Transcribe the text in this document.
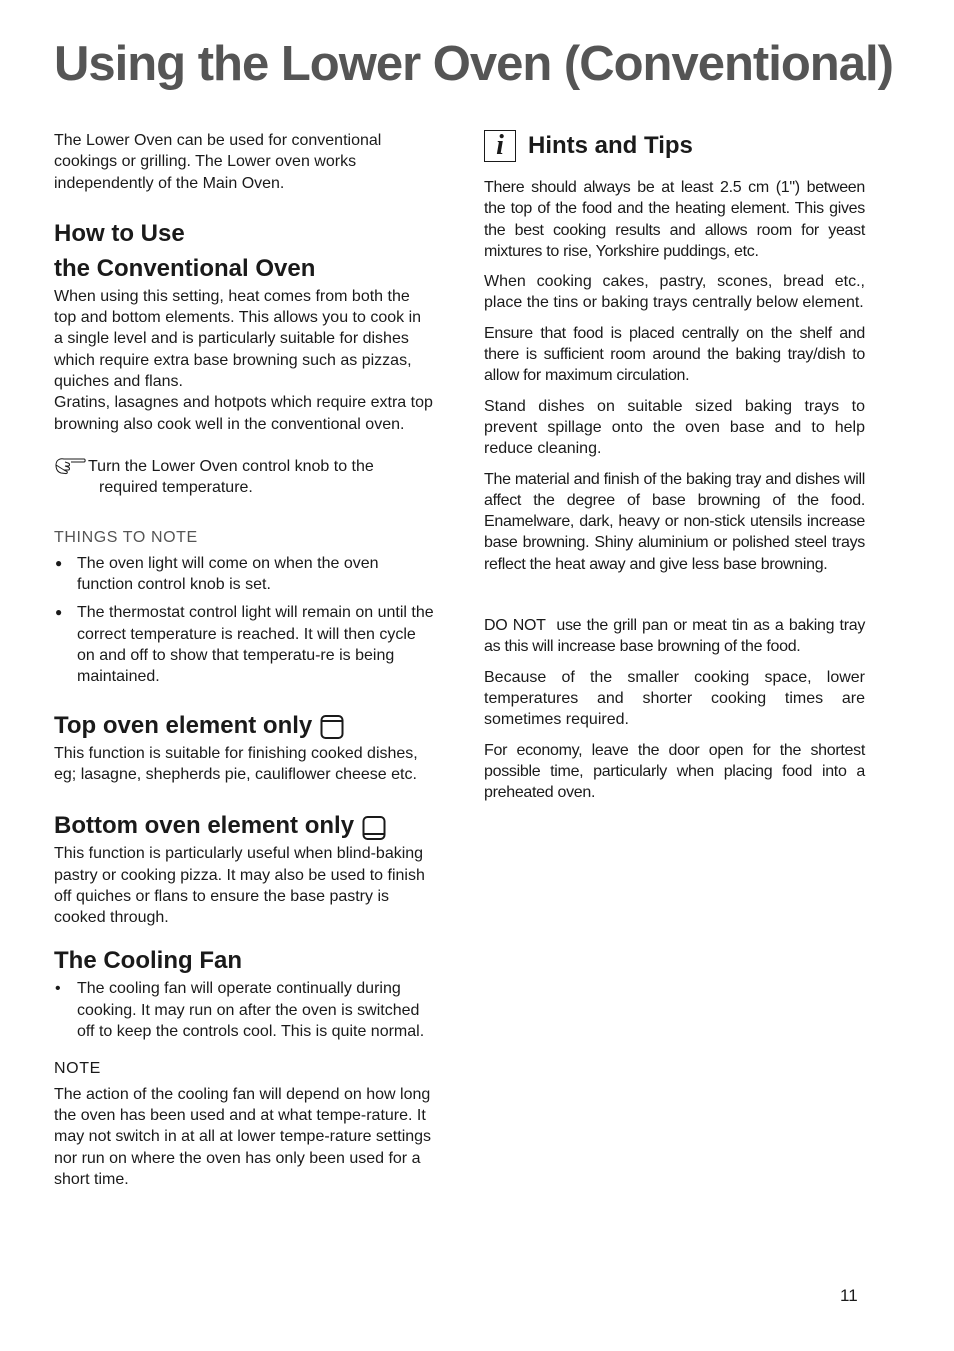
Using the Lower Oven (Conventional)

The Lower Oven can be used for conventional cookings or grilling. The Lower oven works independently of the Main Oven.

How to Use
the Conventional Oven

When using this setting, heat comes from both the top and bottom elements. This allows you to cook in a single level and is particularly suitable for dishes which require extra base browning such as pizzas, quiches and flans.

Gratins, lasagnes and hotpots which require extra top browning also cook well in the conventional oven.

Turn the Lower Oven control knob to the
required temperature.

THINGS TO NOTE

● The oven light will come on when the oven function control knob is set.
● The thermostat control light will remain on until the correct temperature is reached. It will then cycle on and off to show that temperatu-re is being maintained.
Top oven element only

This function is suitable for finishing cooked dishes, eg; lasagne, shepherds pie, cauliflower cheese etc.

Bottom oven element only

This function is particularly useful when blind-baking pastry or cooking pizza. It may also be used to finish off quiches or flans to ensure the base pastry is cooked through.

The Cooling Fan
• The cooling fan will operate continually during cooking. It may run on after the oven is switched off to keep the controls cool. This is quite normal.

NOTE

The action of the cooling fan will depend on how long the oven has been used and at what tempe-rature. It may not switch in at all at lower tempe-rature settings nor run on where the oven has only been used for a short time.

i	Hints and Tips

There should always be at least 2.5 cm (1") between the top of the food and the heating element. This gives the best cooking results and allows room for yeast mixtures to rise, Yorkshire puddings, etc.

When cooking cakes, pastry, scones, bread etc., place the tins or baking trays centrally below element.

Ensure that food is placed centrally on the shelf and there is sufficient room around the baking tray/dish to allow for maximum circulation.

Stand dishes on suitable sized baking trays to prevent spillage onto the oven base and to help reduce cleaning.

The material and finish of the baking tray and dishes will affect the degree of base browning of the food. Enamelware, dark, heavy or non-stick utensils increase base browning. Shiny aluminium or polished steel trays reflect the heat away and give less base browning.

DO NOT use the grill pan or meat tin as a baking tray as this will increase base browning of the food.

Because of the smaller cooking space, lower temperatures and shorter cooking times are sometimes required.

For economy, leave the door open for the shortest possible time, particularly when placing food into a preheated oven.

11
